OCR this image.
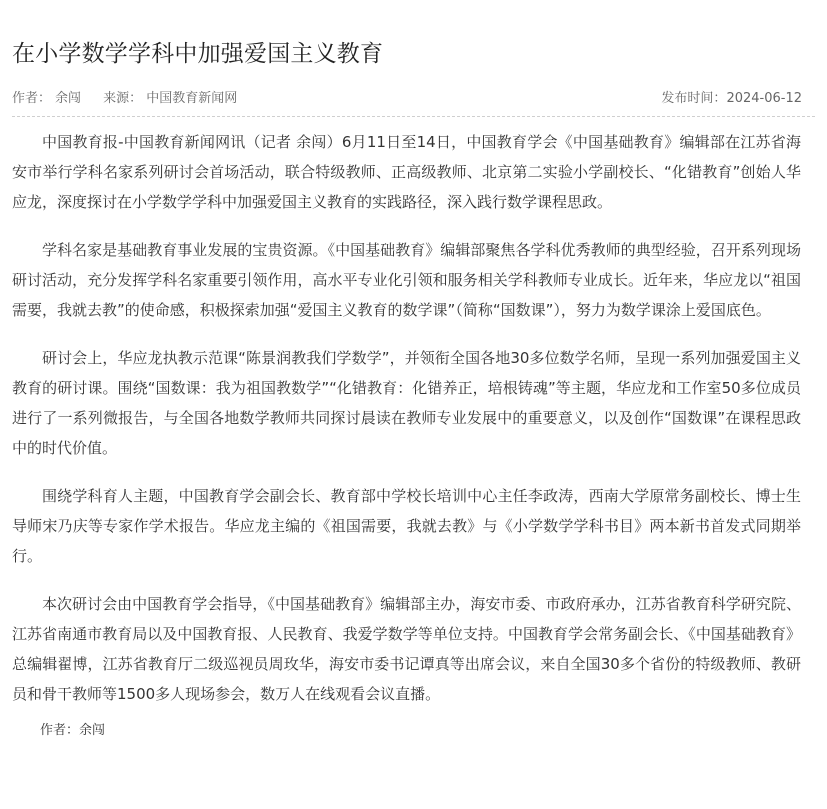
在小学数学学科中加强爱国主义教育
作者： 余闯 来源： 中国教育新闻网	发布时间：2024-06-12

中国教育报-中国教育新闻网讯（记者 余闯）6月11日至14日，中国教育学会《中国基础教育》编辑部在江苏省海安市举行学科名家系列研讨会首场活动，联合特级教师、正高级教师、北京第二实验小学副校长、“化错教育”创始人华应龙，深度探讨在小学数学学科中加强爱国主义教育的实践路径，深入践行数学课程思政。

学科名家是基础教育事业发展的宝贵资源。《中国基础教育》编辑部聚焦各学科优秀教师的典型经验，召开系列现场研讨活动，充分发挥学科名家重要引领作用，高水平专业化引领和服务相关学科教师专业成长。近年来，华应龙以“祖国需要，我就去教”的使命感，积极探索加强“爱国主义教育的数学课”（简称“国数课”），努力为数学课涂上爱国底色。

研讨会上，华应龙执教示范课“陈景润教我们学数学”，并领衔全国各地30多位数学名师，呈现一系列加强爱国主义教育的研讨课。围绕“国数课：我为祖国教数学”“化错教育：化错养正，培根铸魂”等主题，华应龙和工作室50多位成员进行了一系列微报告，与全国各地数学教师共同探讨晨读在教师专业发展中的重要意义，以及创作“国数课”在课程思政中的时代价值。

围绕学科育人主题，中国教育学会副会长、教育部中学校长培训中心主任李政涛，西南大学原常务副校长、博士生导师宋乃庆等专家作学术报告。华应龙主编的《祖国需要，我就去教》与《小学数学学科书目》两本新书首发式同期举行。

本次研讨会由中国教育学会指导，《中国基础教育》编辑部主办，海安市委、市政府承办，江苏省教育科学研究院、江苏省南通市教育局以及中国教育报、人民教育、我爱学数学等单位支持。中国教育学会常务副会长、《中国基础教育》总编辑翟博，江苏省教育厅二级巡视员周玫华，海安市委书记谭真等出席会议，来自全国30多个省份的特级教师、教研员和骨干教师等1500多人现场参会，数万人在线观看会议直播。

作者：余闯
